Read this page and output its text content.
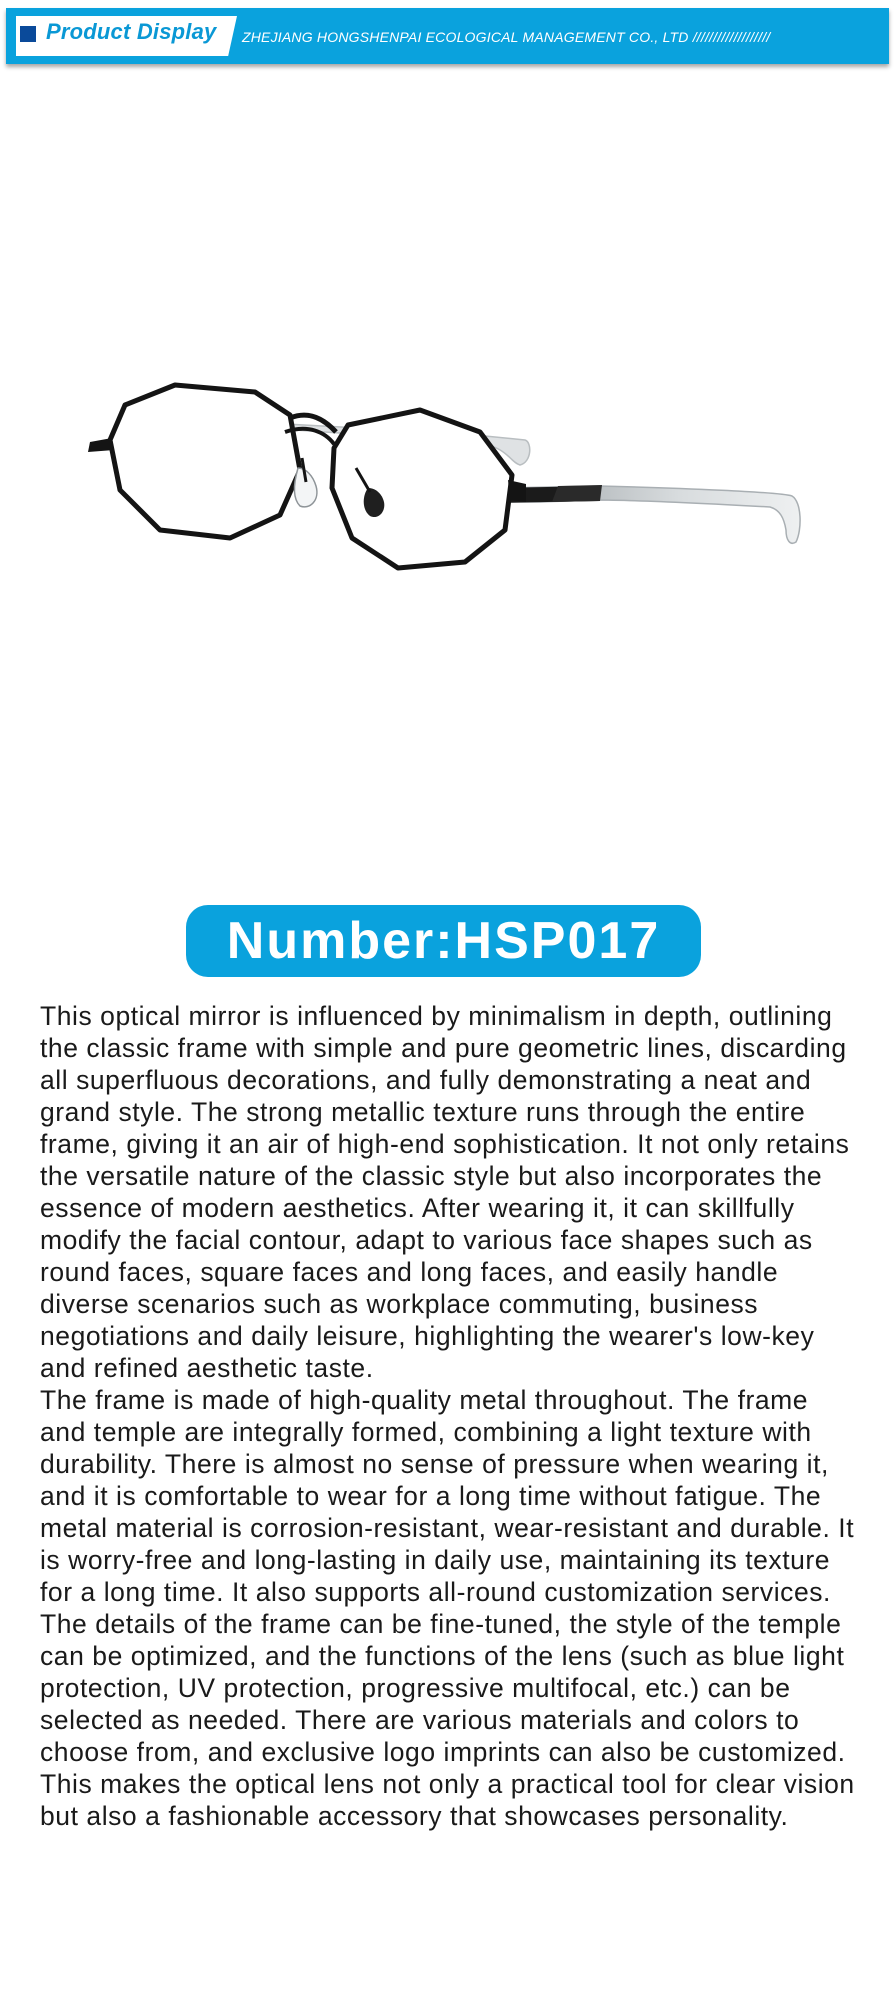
Product Display ZHEJIANG HONGSHENPAI ECOLOGICAL MANAGEMENT CO., LTD ///////////////////
Number:HSP017

This optical mirror is influenced by minimalism in depth, outlining the classic frame with simple and pure geometric lines, discarding all superfluous decorations, and fully demonstrating a neat and grand style. The strong metallic texture runs through the entire frame, giving it an air of high-end sophistication. It not only retains the versatile nature of the classic style but also incorporates the essence of modern aesthetics. After wearing it, it can skillfully modify the facial contour, adapt to various face shapes such as round faces, square faces and long faces, and easily handle diverse scenarios such as workplace commuting, business negotiations and daily leisure, highlighting the wearer's low-key and refined aesthetic taste.

The frame is made of high-quality metal throughout. The frame and temple are integrally formed, combining a light texture with durability. There is almost no sense of pressure when wearing it, and it is comfortable to wear for a long time without fatigue. The metal material is corrosion-resistant, wear-resistant and durable. It is worry-free and long-lasting in daily use, maintaining its texture for a long time. It also supports all-round customization services. The details of the frame can be fine-tuned, the style of the temple can be optimized, and the functions of the lens (such as blue light protection, UV protection, progressive multifocal, etc.) can be selected as needed. There are various materials and colors to choose from, and exclusive logo imprints can also be customized. This makes the optical lens not only a practical tool for clear vision but also a fashionable accessory that showcases personality.
